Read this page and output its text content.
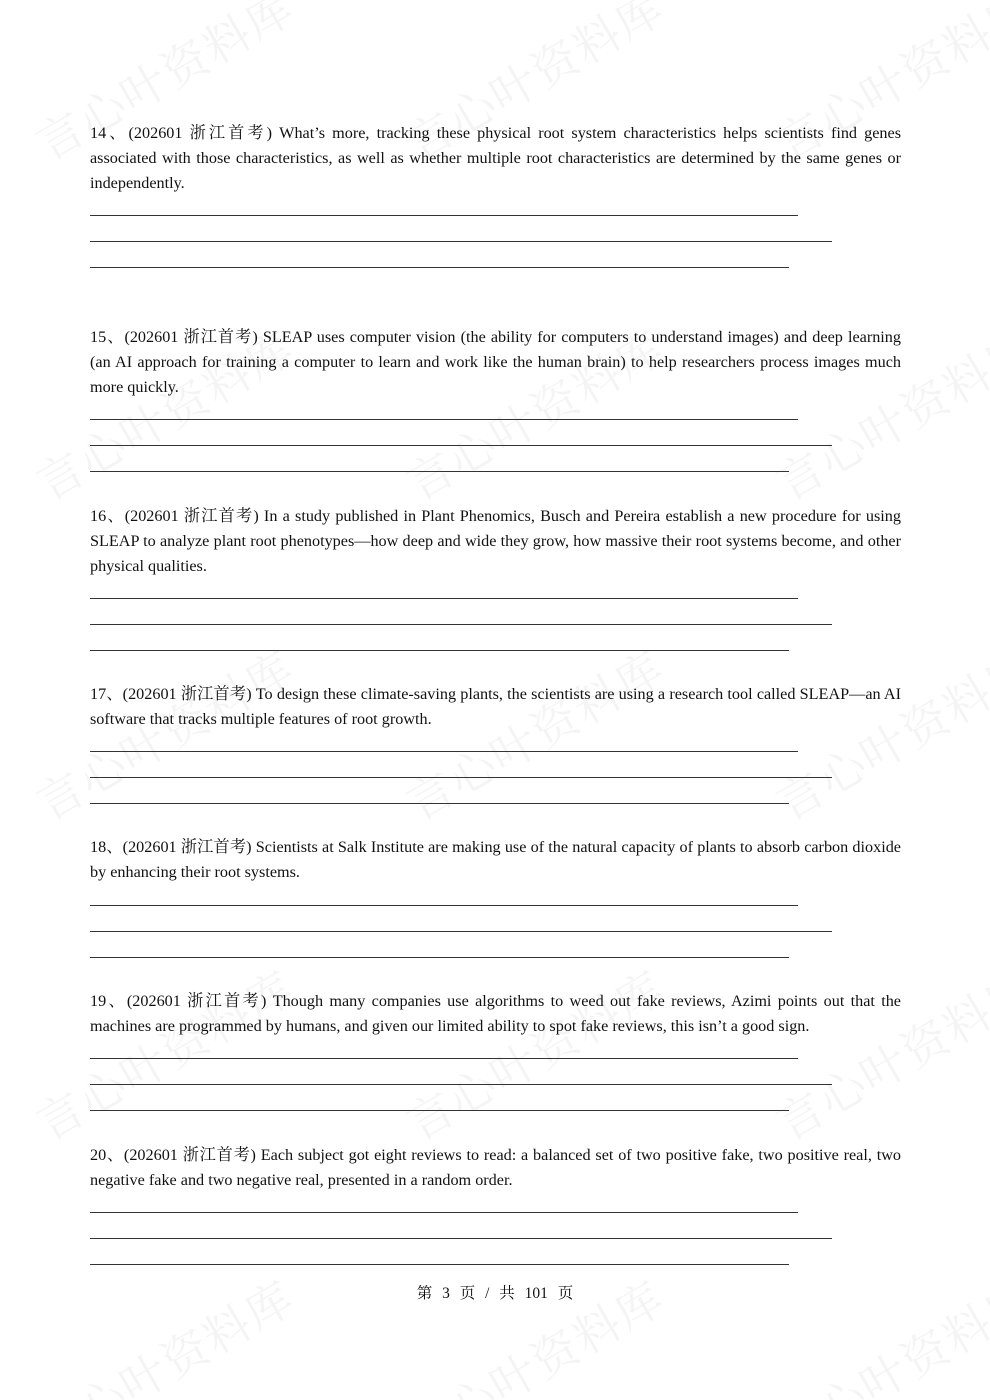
14、(202601 浙江首考) What’s more, tracking these physical root system characteristics helps scientists find genes associated with those characteristics, as well as whether multiple root characteristics are determined by the same genes or independently.

15、(202601 浙江首考) SLEAP uses computer vision (the ability for computers to understand images) and deep learning (an AI approach for training a computer to learn and work like the human brain) to help researchers process images much more quickly.

16、(202601 浙江首考) In a study published in Plant Phenomics, Busch and Pereira establish a new procedure for using SLEAP to analyze plant root phenotypes—how deep and wide they grow, how massive their root systems become, and other physical qualities.

17、(202601 浙江首考) To design these climate-saving plants, the scientists are using a research tool called SLEAP—an AI software that tracks multiple features of root growth.

18、(202601 浙江首考) Scientists at Salk Institute are making use of the natural capacity of plants to absorb carbon dioxide by enhancing their root systems.

19、(202601 浙江首考) Though many companies use algorithms to weed out fake reviews, Azimi points out that the machines are programmed by humans, and given our limited ability to spot fake reviews, this isn’t a good sign.

20、(202601 浙江首考) Each subject got eight reviews to read: a balanced set of two positive fake, two positive real, two negative fake and two negative real, presented in a random order.

第 3 页 / 共 101 页
